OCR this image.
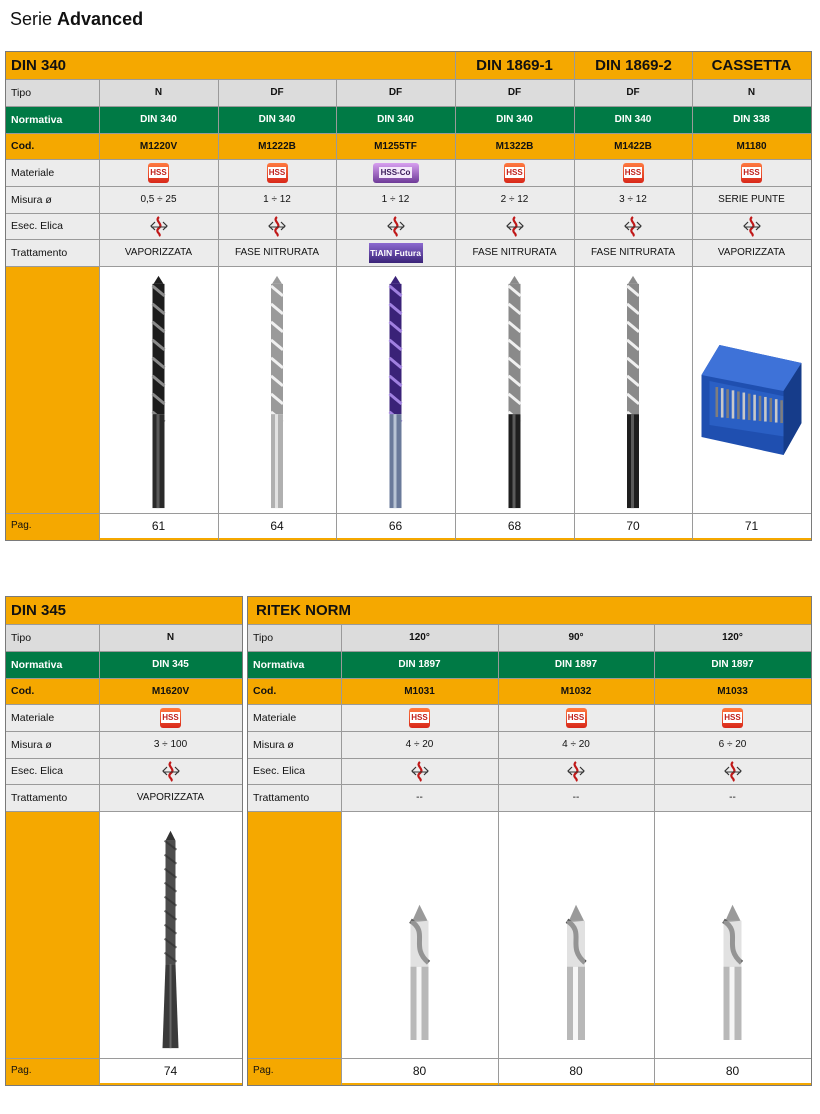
Serie Advanced
DIN 340	DIN 1869-1	DIN 1869-2	CASSETTA
Tipo	N	DF	DF	DF	DF	N
Normativa	DIN 340	DIN 340	DIN 340	DIN 340	DIN 340	DIN 338
Cod.	M1220V	M1222B	M1255TF	M1322B	M1422B	M1180
Materiale	HSS	HSS	HSS-Co	HSS	HSS	HSS
Misura ø	0,5 ÷ 25	1 ÷ 12	1 ÷ 12	2 ÷ 12	3 ÷ 12	SERIE PUNTE
Esec. Elica
Trattamento	VAPORIZZATA	FASE NITRURATA	TiAlN Futura	FASE NITRURATA	FASE NITRURATA	VAPORIZZATA
Pag.	61	64	66	68	70	71
DIN 345
Tipo	N
Normativa	DIN 345
Cod.	M1620V
Materiale	HSS
Misura ø	3 ÷ 100
Esec. Elica
Trattamento	VAPORIZZATA
Pag.	74
RITEK NORM
Tipo	120°	90°	120°
Normativa	DIN 1897	DIN 1897	DIN 1897
Cod.	M1031	M1032	M1033
Materiale	HSS	HSS	HSS
Misura ø	4 ÷ 20	4 ÷ 20	6 ÷ 20
Esec. Elica
Trattamento	--	--	--
Pag.	80	80	80
